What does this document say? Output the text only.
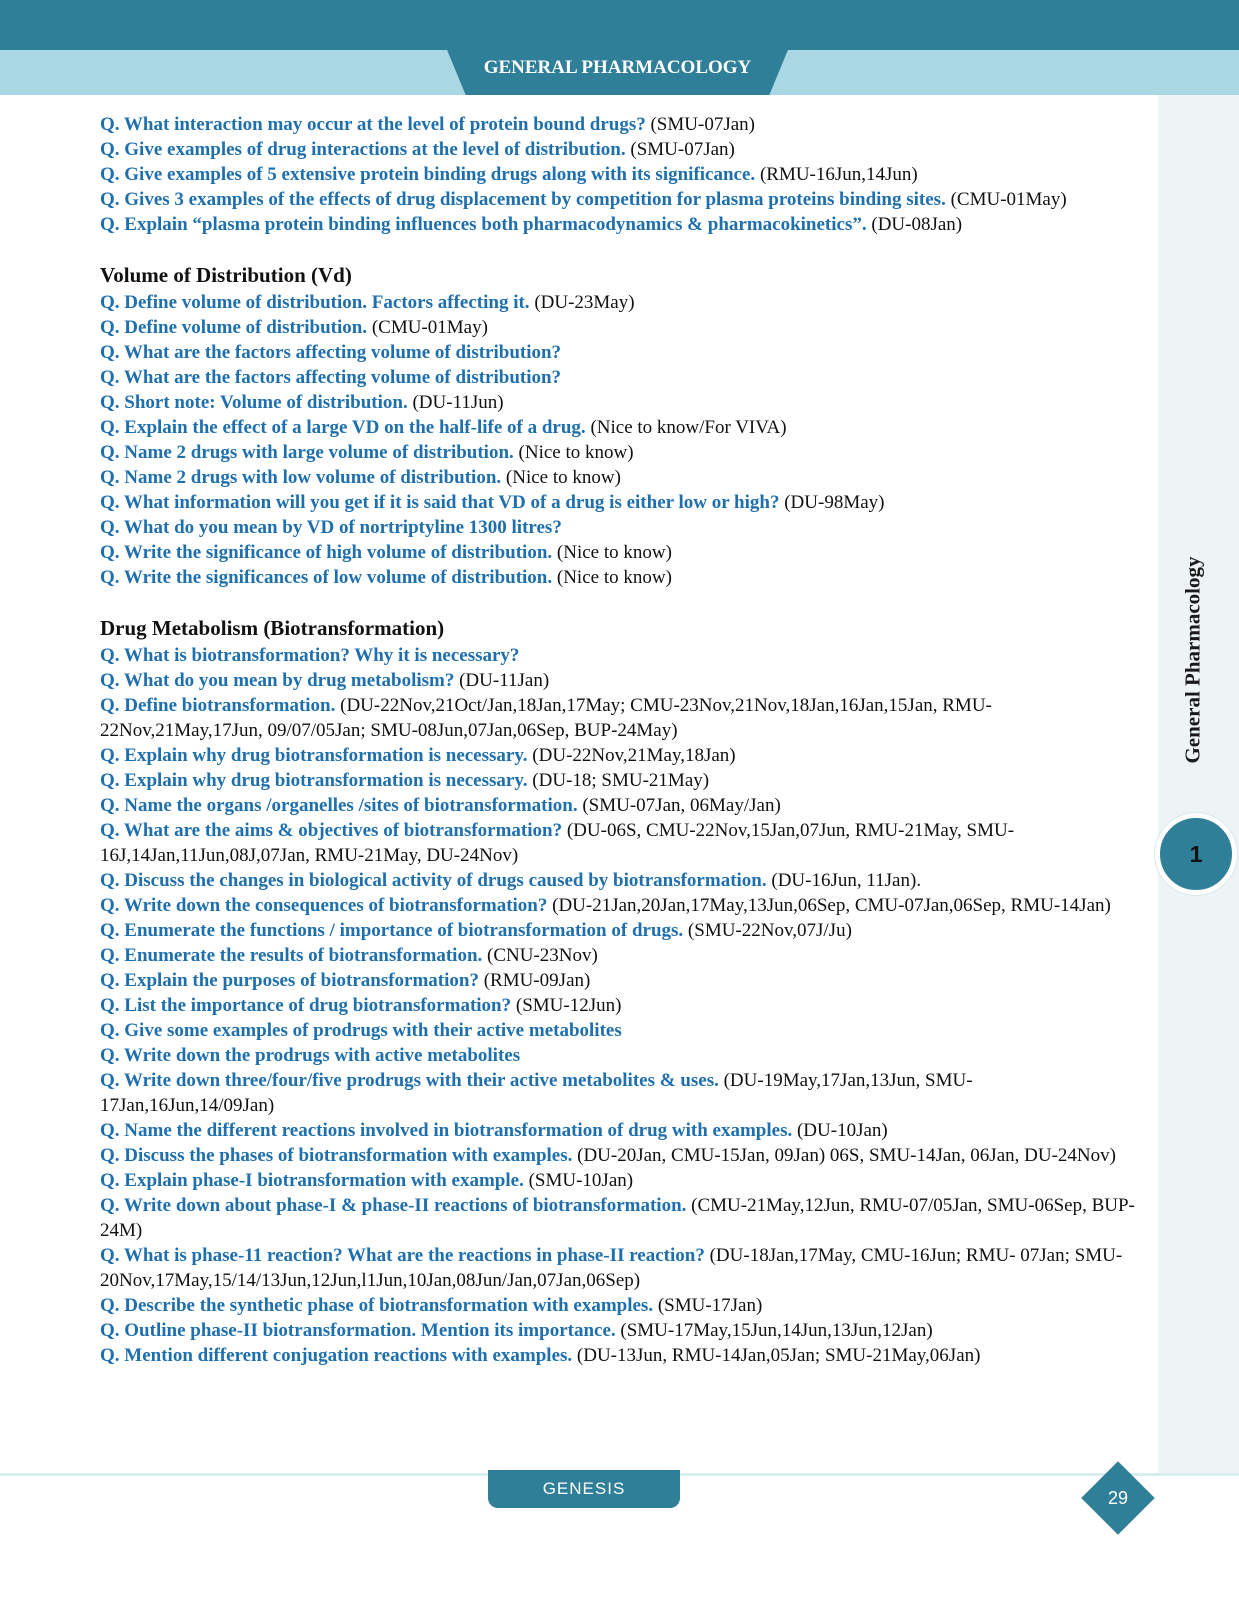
GENERAL PHARMACOLOGY
General Pharmacology
1
Q. What interaction may occur at the level of protein bound drugs? (SMU-07Jan)
Q. Give examples of drug interactions at the level of distribution. (SMU-07Jan)
Q. Give examples of 5 extensive protein binding drugs along with its significance. (RMU-16Jun,14Jun)
Q. Gives 3 examples of the effects of drug displacement by competition for plasma proteins binding sites. (CMU-01May)
Q. Explain “plasma protein binding influences both pharmacodynamics & pharmacokinetics”. (DU-08Jan)
Volume of Distribution (Vd)
Q. Define volume of distribution. Factors affecting it. (DU-23May)
Q. Define volume of distribution. (CMU-01May)
Q. What are the factors affecting volume of distribution?
Q. What are the factors affecting volume of distribution?
Q. Short note: Volume of distribution. (DU-11Jun)
Q. Explain the effect of a large VD on the half-life of a drug. (Nice to know/For VIVA)
Q. Name 2 drugs with large volume of distribution. (Nice to know)
Q. Name 2 drugs with low volume of distribution. (Nice to know)
Q. What information will you get if it is said that VD of a drug is either low or high? (DU-98May)
Q. What do you mean by VD of nortriptyline 1300 litres?
Q. Write the significance of high volume of distribution. (Nice to know)
Q. Write the significances of low volume of distribution. (Nice to know)
Drug Metabolism (Biotransformation)
Q. What is biotransformation? Why it is necessary?
Q. What do you mean by drug metabolism? (DU-11Jan)
Q. Define biotransformation. (DU-22Nov,21Oct/Jan,18Jan,17May; CMU-23Nov,21Nov,18Jan,16Jan,15Jan, RMU-22Nov,21May,17Jun, 09/07/05Jan; SMU-08Jun,07Jan,06Sep, BUP-24May)
Q. Explain why drug biotransformation is necessary. (DU-22Nov,21May,18Jan)
Q. Explain why drug biotransformation is necessary. (DU-18; SMU-21May)
Q. Name the organs /organelles /sites of biotransformation. (SMU-07Jan, 06May/Jan)
Q. What are the aims & objectives of biotransformation? (DU-06S, CMU-22Nov,15Jan,07Jun, RMU-21May, SMU-16J,14Jan,11Jun,08J,07Jan, RMU-21May, DU-24Nov)
Q. Discuss the changes in biological activity of drugs caused by biotransformation. (DU-16Jun, 11Jan).
Q. Write down the consequences of biotransformation? (DU-21Jan,20Jan,17May,13Jun,06Sep, CMU-07Jan,06Sep, RMU-14Jan)
Q. Enumerate the functions / importance of biotransformation of drugs. (SMU-22Nov,07J/Ju)
Q. Enumerate the results of biotransformation. (CNU-23Nov)
Q. Explain the purposes of biotransformation? (RMU-09Jan)
Q. List the importance of drug biotransformation? (SMU-12Jun)
Q. Give some examples of prodrugs with their active metabolites
Q. Write down the prodrugs with active metabolites
Q. Write down three/four/five prodrugs with their active metabolites & uses. (DU-19May,17Jan,13Jun, SMU-17Jan,16Jun,14/09Jan)
Q. Name the different reactions involved in biotransformation of drug with examples. (DU-10Jan)
Q. Discuss the phases of biotransformation with examples. (DU-20Jan, CMU-15Jan, 09Jan) 06S, SMU-14Jan, 06Jan, DU-24Nov)
Q. Explain phase-I biotransformation with example. (SMU-10Jan)
Q. Write down about phase-I & phase-II reactions of biotransformation. (CMU-21May,12Jun, RMU-07/05Jan, SMU-06Sep, BUP-24M)
Q. What is phase-11 reaction? What are the reactions in phase-II reaction? (DU-18Jan,17May, CMU-16Jun; RMU- 07Jan; SMU-20Nov,17May,15/14/13Jun,12Jun,l1Jun,10Jan,08Jun/Jan,07Jan,06Sep)
Q. Describe the synthetic phase of biotransformation with examples. (SMU-17Jan)
Q. Outline phase-II biotransformation. Mention its importance. (SMU-17May,15Jun,14Jun,13Jun,12Jan)
Q. Mention different conjugation reactions with examples. (DU-13Jun, RMU-14Jan,05Jan; SMU-21May,06Jan)
GENESIS	29
